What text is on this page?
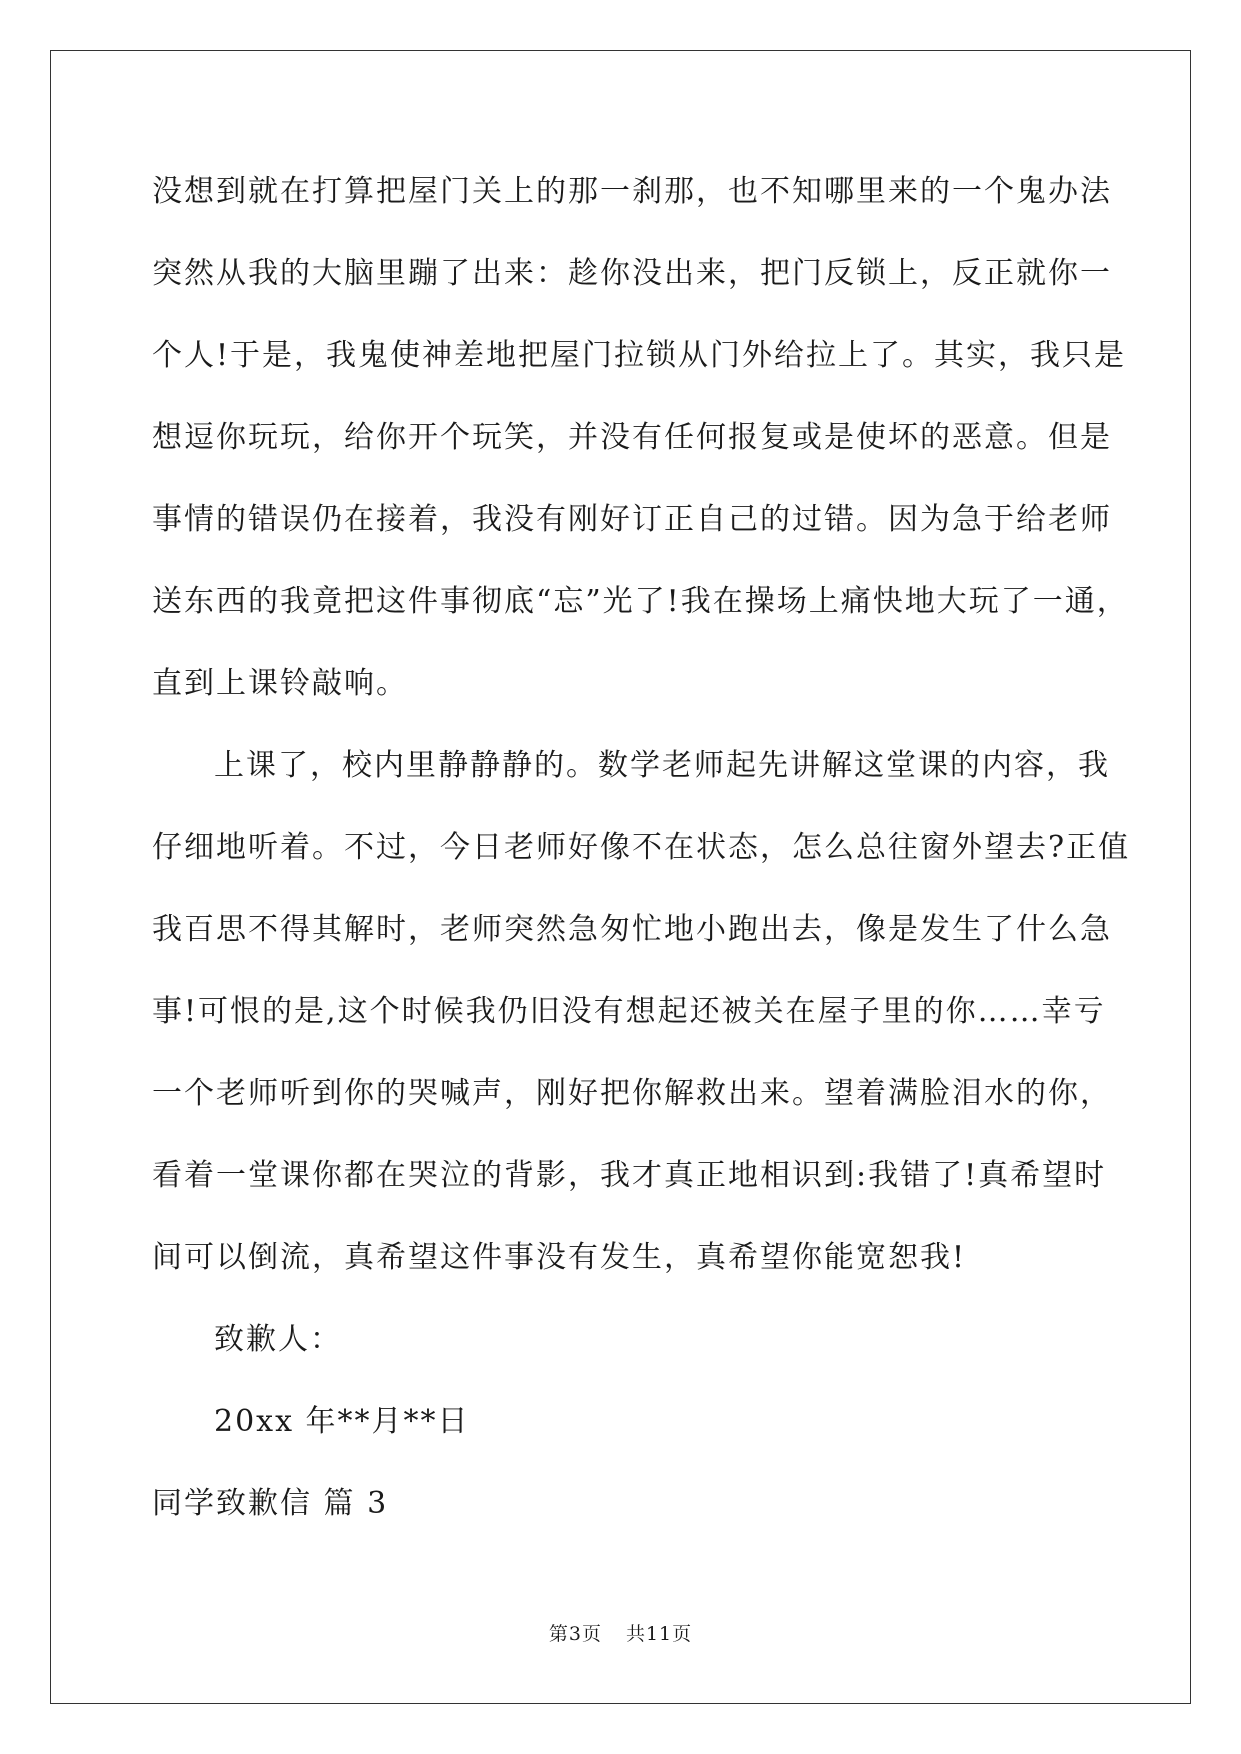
没想到就在打算把屋门关上的那一刹那，也不知哪里来的一个鬼办法
突然从我的大脑里蹦了出来：趁你没出来，把门反锁上，反正就你一
个人!于是，我鬼使神差地把屋门拉锁从门外给拉上了。其实，我只是
想逗你玩玩，给你开个玩笑，并没有任何报复或是使坏的恶意。但是
事情的错误仍在接着，我没有刚好订正自己的过错。因为急于给老师
送东西的我竟把这件事彻底“忘”光了!我在操场上痛快地大玩了一通，
直到上课铃敲响。
上课了，校内里静静静的。数学老师起先讲解这堂课的内容，我
仔细地听着。不过，今日老师好像不在状态，怎么总往窗外望去?正值
我百思不得其解时，老师突然急匆忙地小跑出去，像是发生了什么急
事!可恨的是,这个时候我仍旧没有想起还被关在屋子里的你……幸亏
一个老师听到你的哭喊声，刚好把你解救出来。望着满脸泪水的你，
看着一堂课你都在哭泣的背影，我才真正地相识到:我错了!真希望时
间可以倒流，真希望这件事没有发生，真希望你能宽恕我!
致歉人：
20xx 年**月**日
同学致歉信 篇 3
第3页 共11页
